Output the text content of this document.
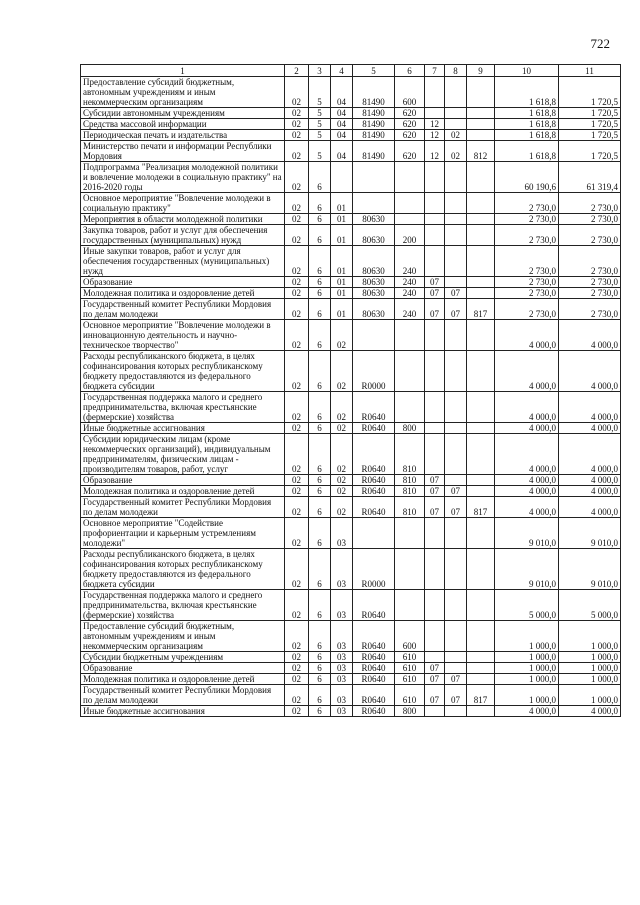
722
1	2	3	4	5	6	7	8	9	10	11
Предоставление субсидий бюджетным, автономным учреждениям и иным некоммерческим организациям	02	5	04	81490	600				1 618,8	1 720,5
Субсидии автономным учреждениям	02	5	04	81490	620				1 618,8	1 720,5
Средства массовой информации	02	5	04	81490	620	12			1 618,8	1 720,5
Периодическая печать и издательства	02	5	04	81490	620	12	02		1 618,8	1 720,5
Министерство печати и информации Республики Мордовия	02	5	04	81490	620	12	02	812	1 618,8	1 720,5
Подпрограмма "Реализация молодежной политики и вовлечение молодежи в социальную практику" на 2016-2020 годы	02	6							60 190,6	61 319,4
Основное мероприятие "Вовлечение молодежи в социальную практику"	02	6	01						2 730,0	2 730,0
Мероприятия в области молодежной политики	02	6	01	80630					2 730,0	2 730,0
Закупка товаров, работ и услуг для обеспечения государственных (муниципальных) нужд	02	6	01	80630	200				2 730,0	2 730,0
Иные закупки товаров, работ и услуг для обеспечения государственных (муниципальных) нужд	02	6	01	80630	240				2 730,0	2 730,0
Образование	02	6	01	80630	240	07			2 730,0	2 730,0
Молодежная политика и оздоровление детей	02	6	01	80630	240	07	07		2 730,0	2 730,0
Государственный комитет Республики Мордовия по делам молодежи	02	6	01	80630	240	07	07	817	2 730,0	2 730,0
Основное мероприятие "Вовлечение молодежи в инновационную деятельность и научно-техническое творчество"	02	6	02						4 000,0	4 000,0
Расходы республиканского бюджета, в целях софинансирования которых республиканскому бюджету предоставляются из федерального бюджета субсидии	02	6	02	R0000					4 000,0	4 000,0
Государственная поддержка малого и среднего предпринимательства, включая крестьянские (фермерские) хозяйства	02	6	02	R0640					4 000,0	4 000,0
Иные бюджетные ассигнования	02	6	02	R0640	800				4 000,0	4 000,0
Субсидии юридическим лицам (кроме некоммерческих организаций), индивидуальным предпринимателям, физическим лицам - производителям товаров, работ, услуг	02	6	02	R0640	810				4 000,0	4 000,0
Образование	02	6	02	R0640	810	07			4 000,0	4 000,0
Молодежная политика и оздоровление детей	02	6	02	R0640	810	07	07		4 000,0	4 000,0
Государственный комитет Республики Мордовия по делам молодежи	02	6	02	R0640	810	07	07	817	4 000,0	4 000,0
Основное мероприятие "Содействие профориентации и карьерным устремлениям молодежи"	02	6	03						9 010,0	9 010,0
Расходы республиканского бюджета, в целях софинансирования которых республиканскому бюджету предоставляются из федерального бюджета субсидии	02	6	03	R0000					9 010,0	9 010,0
Государственная поддержка малого и среднего предпринимательства, включая крестьянские (фермерские) хозяйства	02	6	03	R0640					5 000,0	5 000,0
Предоставление субсидий бюджетным, автономным учреждениям и иным некоммерческим организациям	02	6	03	R0640	600				1 000,0	1 000,0
Субсидии бюджетным учреждениям	02	6	03	R0640	610				1 000,0	1 000,0
Образование	02	6	03	R0640	610	07			1 000,0	1 000,0
Молодежная политика и оздоровление детей	02	6	03	R0640	610	07	07		1 000,0	1 000,0
Государственный комитет Республики Мордовия по делам молодежи	02	6	03	R0640	610	07	07	817	1 000,0	1 000,0
Иные бюджетные ассигнования	02	6	03	R0640	800				4 000,0	4 000,0
